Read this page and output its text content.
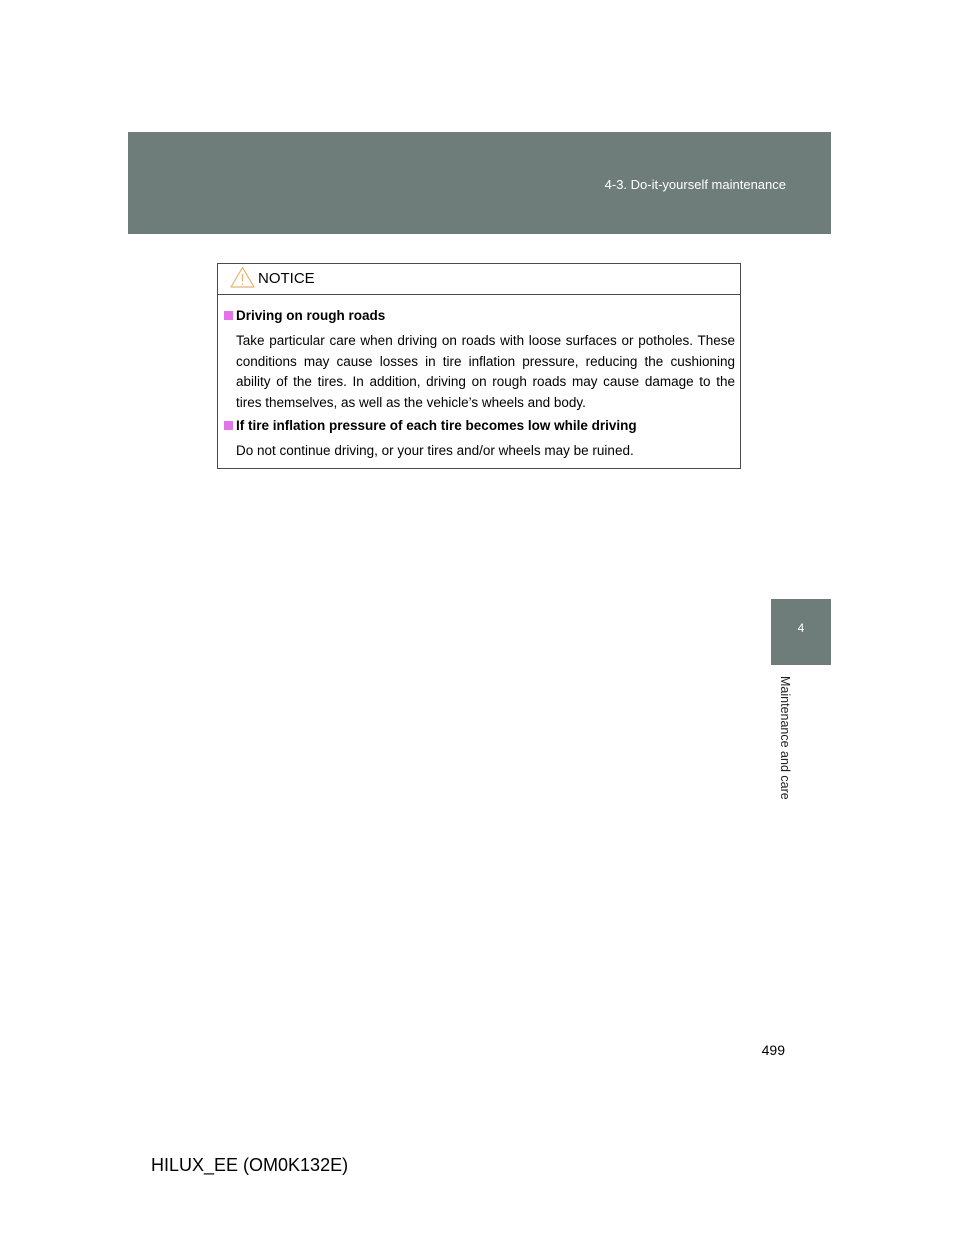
4-3. Do-it-yourself maintenance
4
Maintenance and care
NOTICE
Driving on rough roads
Take particular care when driving on roads with loose surfaces or potholes. These conditions may cause losses in tire inflation pressure, reducing the cushioning ability of the tires. In addition, driving on rough roads may cause damage to the tires themselves, as well as the vehicle’s wheels and body.
If tire inflation pressure of each tire becomes low while driving
Do not continue driving, or your tires and/or wheels may be ruined.
499
HILUX_EE (OM0K132E)
